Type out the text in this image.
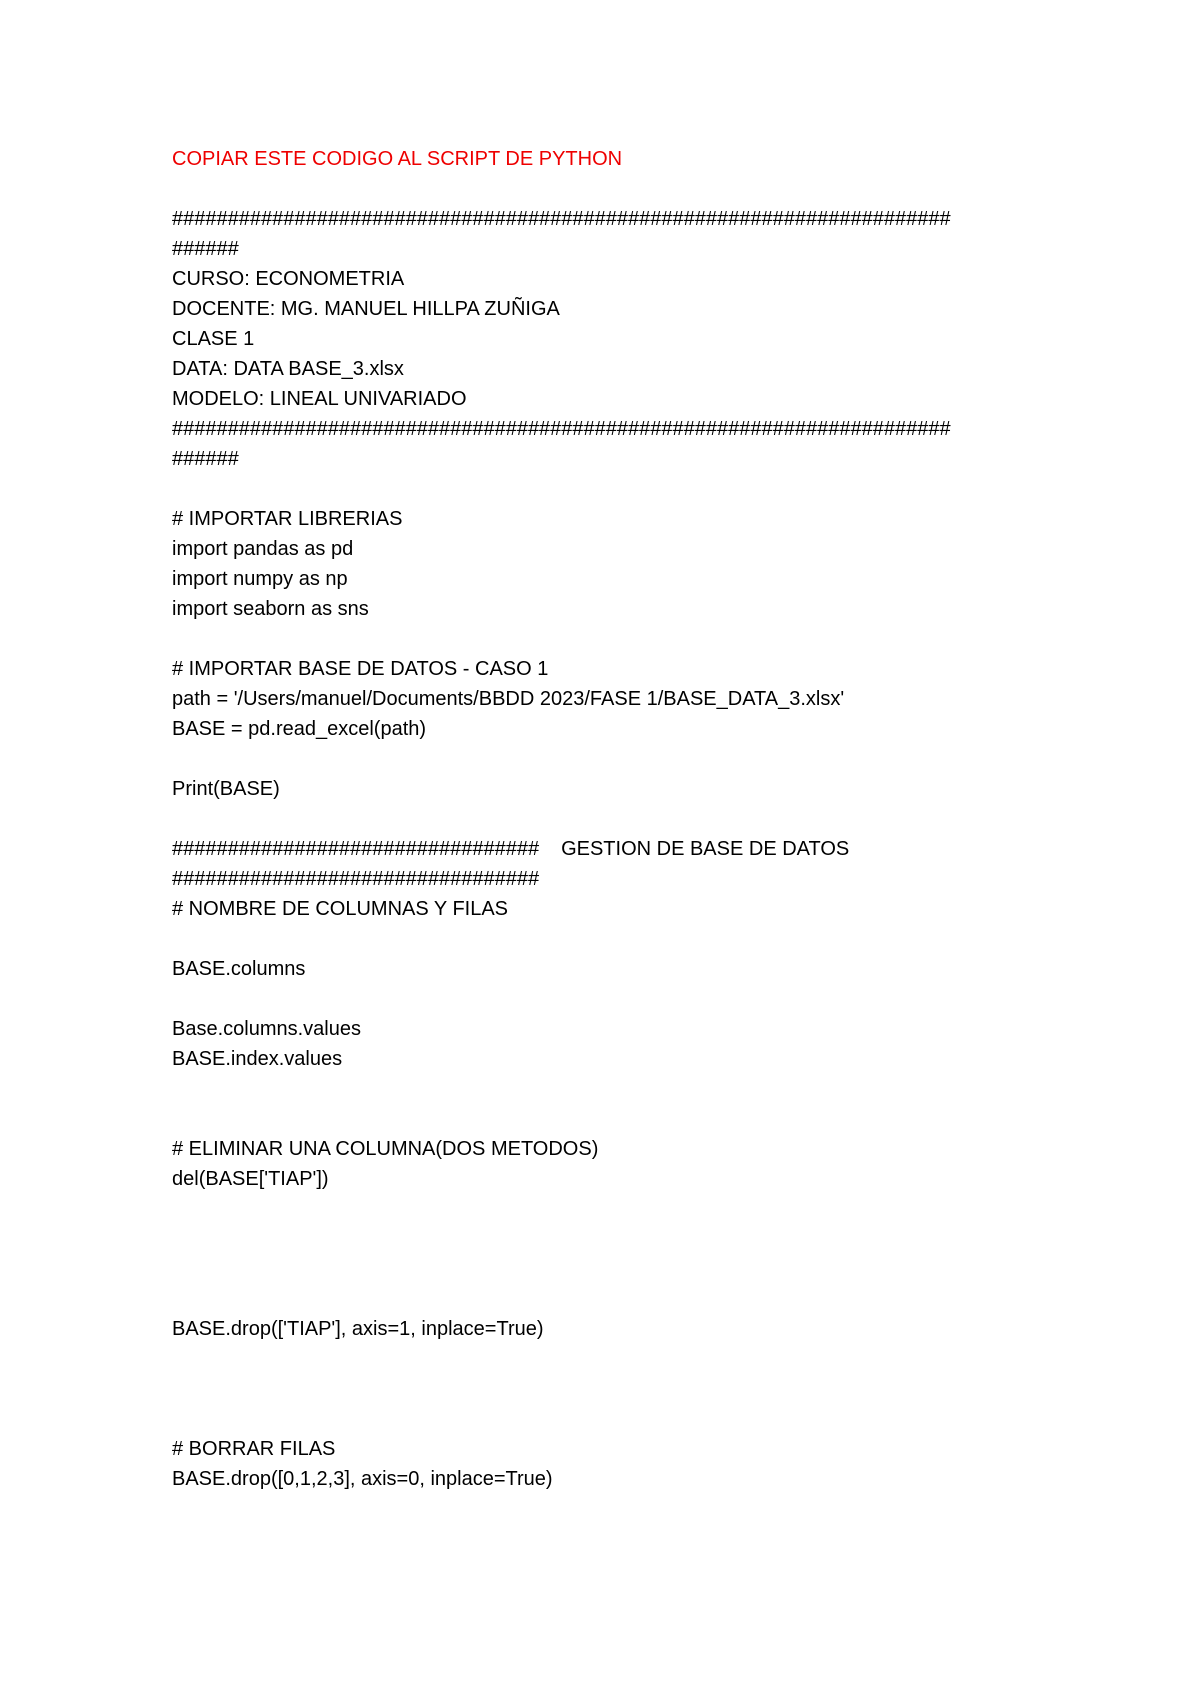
COPIAR ESTE CODIGO AL SCRIPT DE PYTHON
######################################################################
######
CURSO: ECONOMETRIA
DOCENTE: MG. MANUEL HILLPA ZUÑIGA
CLASE 1
DATA: DATA BASE_3.xlsx
MODELO: LINEAL UNIVARIADO
######################################################################
######
# IMPORTAR LIBRERIAS
import pandas as pd
import numpy as np
import seaborn as sns
# IMPORTAR BASE DE DATOS - CASO 1
path = '/Users/manuel/Documents/BBDD 2023/FASE 1/BASE_DATA_3.xlsx'
BASE = pd.read_excel(path)
Print(BASE)
################################# GESTION DE BASE DE DATOS
#################################
# NOMBRE DE COLUMNAS Y FILAS
BASE.columns
Base.columns.values
BASE.index.values
# ELIMINAR UNA COLUMNA(DOS METODOS)
del(BASE['TIAP'])
BASE.drop(['TIAP'], axis=1, inplace=True)
# BORRAR FILAS
BASE.drop([0,1,2,3], axis=0, inplace=True)
